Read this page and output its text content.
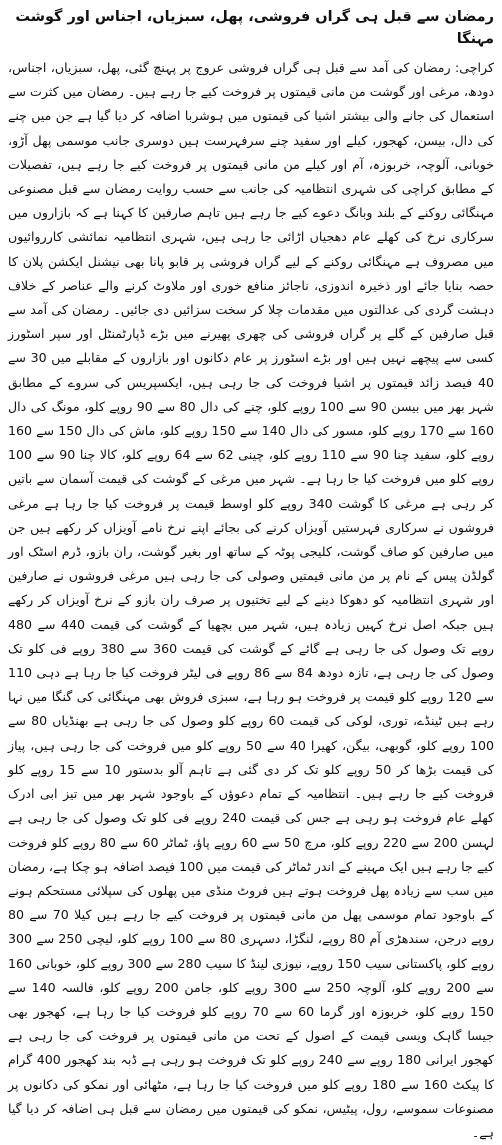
رمضان سے قبل ہی گراں فروشی، پھل، سبزیاں، اجناس اور گوشت مہنگا

کراچی: رمضان کی آمد سے قبل ہی گراں فروشی عروج پر پہنچ گئی، پھل، سبزیاں، اجناس، دودھ، مرغی اور گوشت من مانی قیمتوں پر فروخت کیے جا رہے ہیں۔ رمضان میں کثرت سے استعمال کی جانے والی بیشتر اشیا کی قیمتوں میں ہوشربا اضافہ کر دیا گیا ہے جن میں چنے کی دال، بیسن، کھجور، کیلے اور سفید چنے سرفہرست ہیں دوسری جانب موسمی پھل آڑو، خوبانی، آلوچہ، خربوزہ، آم اور کیلے من مانی قیمتوں پر فروخت کیے جا رہے ہیں، تفصیلات کے مطابق کراچی کی شہری انتظامیہ کی جانب سے حسب روایت رمضان سے قبل مصنوعی مہنگائی روکنے کے بلند وبانگ دعوے کیے جا رہے ہیں تاہم صارفین کا کہنا ہے کہ بازاروں میں سرکاری نرخ کی کھلے عام دھجیاں اڑائی جا رہی ہیں، شہری انتظامیہ نمائشی کارروائیوں میں مصروف ہے مہنگائی روکنے کے لیے گراں فروشی پر قابو پانا بھی نیشنل ایکشن پلان کا حصہ بنایا جائے اور ذخیرہ اندوزی، ناجائز منافع خوری اور ملاوٹ کرنے والے عناصر کے خلاف دہشت گردی کی عدالتوں میں مقدمات چلا کر سخت سزائیں دی جائیں۔ رمضان کی آمد سے قبل صارفین کے گلے پر گراں فروشی کی چھری پھیرنے میں بڑے ڈپارٹمنٹل اور سپر اسٹورز کسی سے پیچھے نہیں ہیں اور بڑے اسٹورز پر عام دکانوں اور بازاروں کے مقابلے میں 30 سے 40 فیصد زائد قیمتوں پر اشیا فروخت کی جا رہی ہیں، ایکسپریس کی سروے کے مطابق شہر بھر میں بیسن 90 سے 100 روپے کلو، چنے کی دال 80 سے 90 روپے کلو، مونگ کی دال 160 سے 170 روپے کلو، مسور کی دال 140 سے 150 روپے کلو، ماش کی دال 150 سے 160 روپے کلو، سفید چنا 90 سے 110 روپے کلو، چینی 62 سے 64 روپے کلو، کالا چنا 90 سے 100 روپے کلو میں فروخت کیا جا رہا ہے۔ شہر میں مرغی کے گوشت کی قیمت آسمان سے باتیں کر رہی ہے مرغی کا گوشت 340 روپے کلو اوسط قیمت پر فروخت کیا جا رہا ہے مرغی فروشوں نے سرکاری فہرستیں آویزاں کرنے کی بجائے اپنے نرخ نامے آویزاں کر رکھے ہیں جن میں صارفین کو صاف گوشت، کلیجی پوٹہ کے ساتھ اور بغیر گوشت، ران بازو، ڈرم اسٹک اور گولڈن پیس کے نام پر من مانی قیمتیں وصولی کی جا رہی ہیں مرغی فروشوں نے صارفین اور شہری انتظامیہ کو دھوکا دینے کے لیے تختیوں پر صرف ران بازو کے نرخ آویزاں کر رکھے ہیں جبکہ اصل نرخ کہیں زیادہ ہیں، شہر میں بچھیا کے گوشت کی قیمت 440 سے 480 روپے تک وصول کی جا رہی ہے گائے کے گوشت کی قیمت 360 سے 380 روپے فی کلو تک وصول کی جا رہی ہے، تازہ دودھ 84 سے 86 روپے فی لیٹر فروخت کیا جا رہا ہے دہی 110 سے 120 روپے کلو قیمت پر فروخت ہو رہا ہے، سبزی فروش بھی مہنگائی کی گنگا میں نہا رہے ہیں ٹینڈے، توری، لوکی کی قیمت 60 روپے کلو وصول کی جا رہی ہے بھنڈیاں 80 سے 100 روپے کلو، گوبھی، بیگن، کھیرا 40 سے 50 روپے کلو میں فروخت کی جا رہی ہیں، پیاز کی قیمت بڑھا کر 50 روپے کلو تک کر دی گئی ہے تاہم آلو بدستور 10 سے 15 روپے کلو فروخت کیے جا رہے ہیں۔ انتظامیہ کے تمام دعوؤں کے باوجود شہر بھر میں تیز ابی ادرک کھلے عام فروخت ہو رہی ہے جس کی قیمت 240 روپے فی کلو تک وصول کی جا رہی ہے لہسن 200 سے 220 روپے کلو، مرچ 50 سے 60 روپے پاؤ، ٹماٹر 60 سے 80 روپے کلو فروخت کیے جا رہے ہیں ایک مہینے کے اندر ٹماٹر کی قیمت میں 100 فیصد اضافہ ہو چکا ہے، رمضان میں سب سے زیادہ پھل فروخت ہوتے ہیں فروٹ منڈی میں پھلوں کی سپلائی مستحکم ہونے کے باوجود تمام موسمی پھل من مانی قیمتوں پر فروخت کیے جا رہے ہیں کیلا 70 سے 80 روپے درجن، سندھڑی آم 80 روپے، لنگڑا، دسہری 80 سے 100 روپے کلو، لیچی 250 سے 300 روپے کلو، پاکستانی سیب 150 روپے، نیوزی لینڈ کا سیب 280 سے 300 روپے کلو، خوبانی 160 سے 200 روپے کلو، آلوچہ 250 سے 300 روپے کلو، جامن 200 روپے کلو، فالسہ 140 سے 150 روپے کلو، خربوزہ اور گرما 60 سے 70 روپے کلو فروخت کیا جا رہا ہے، کھجور بھی جیسا گاہک ویسی قیمت کے اصول کے تحت من مانی قیمتوں پر فروخت کی جا رہی ہے کھجور ایرانی 180 روپے سے 240 روپے کلو تک فروخت ہو رہی ہے ڈبہ بند کھجور 400 گرام کا پیکٹ 160 سے 180 روپے کلو میں فروخت کیا جا رہا ہے، مٹھائی اور نمکو کی دکانوں پر مصنوعات سموسے، رول، پیٹیس، نمکو کی قیمتوں میں رمضان سے قبل ہی اضافہ کر دیا گیا ہے۔
